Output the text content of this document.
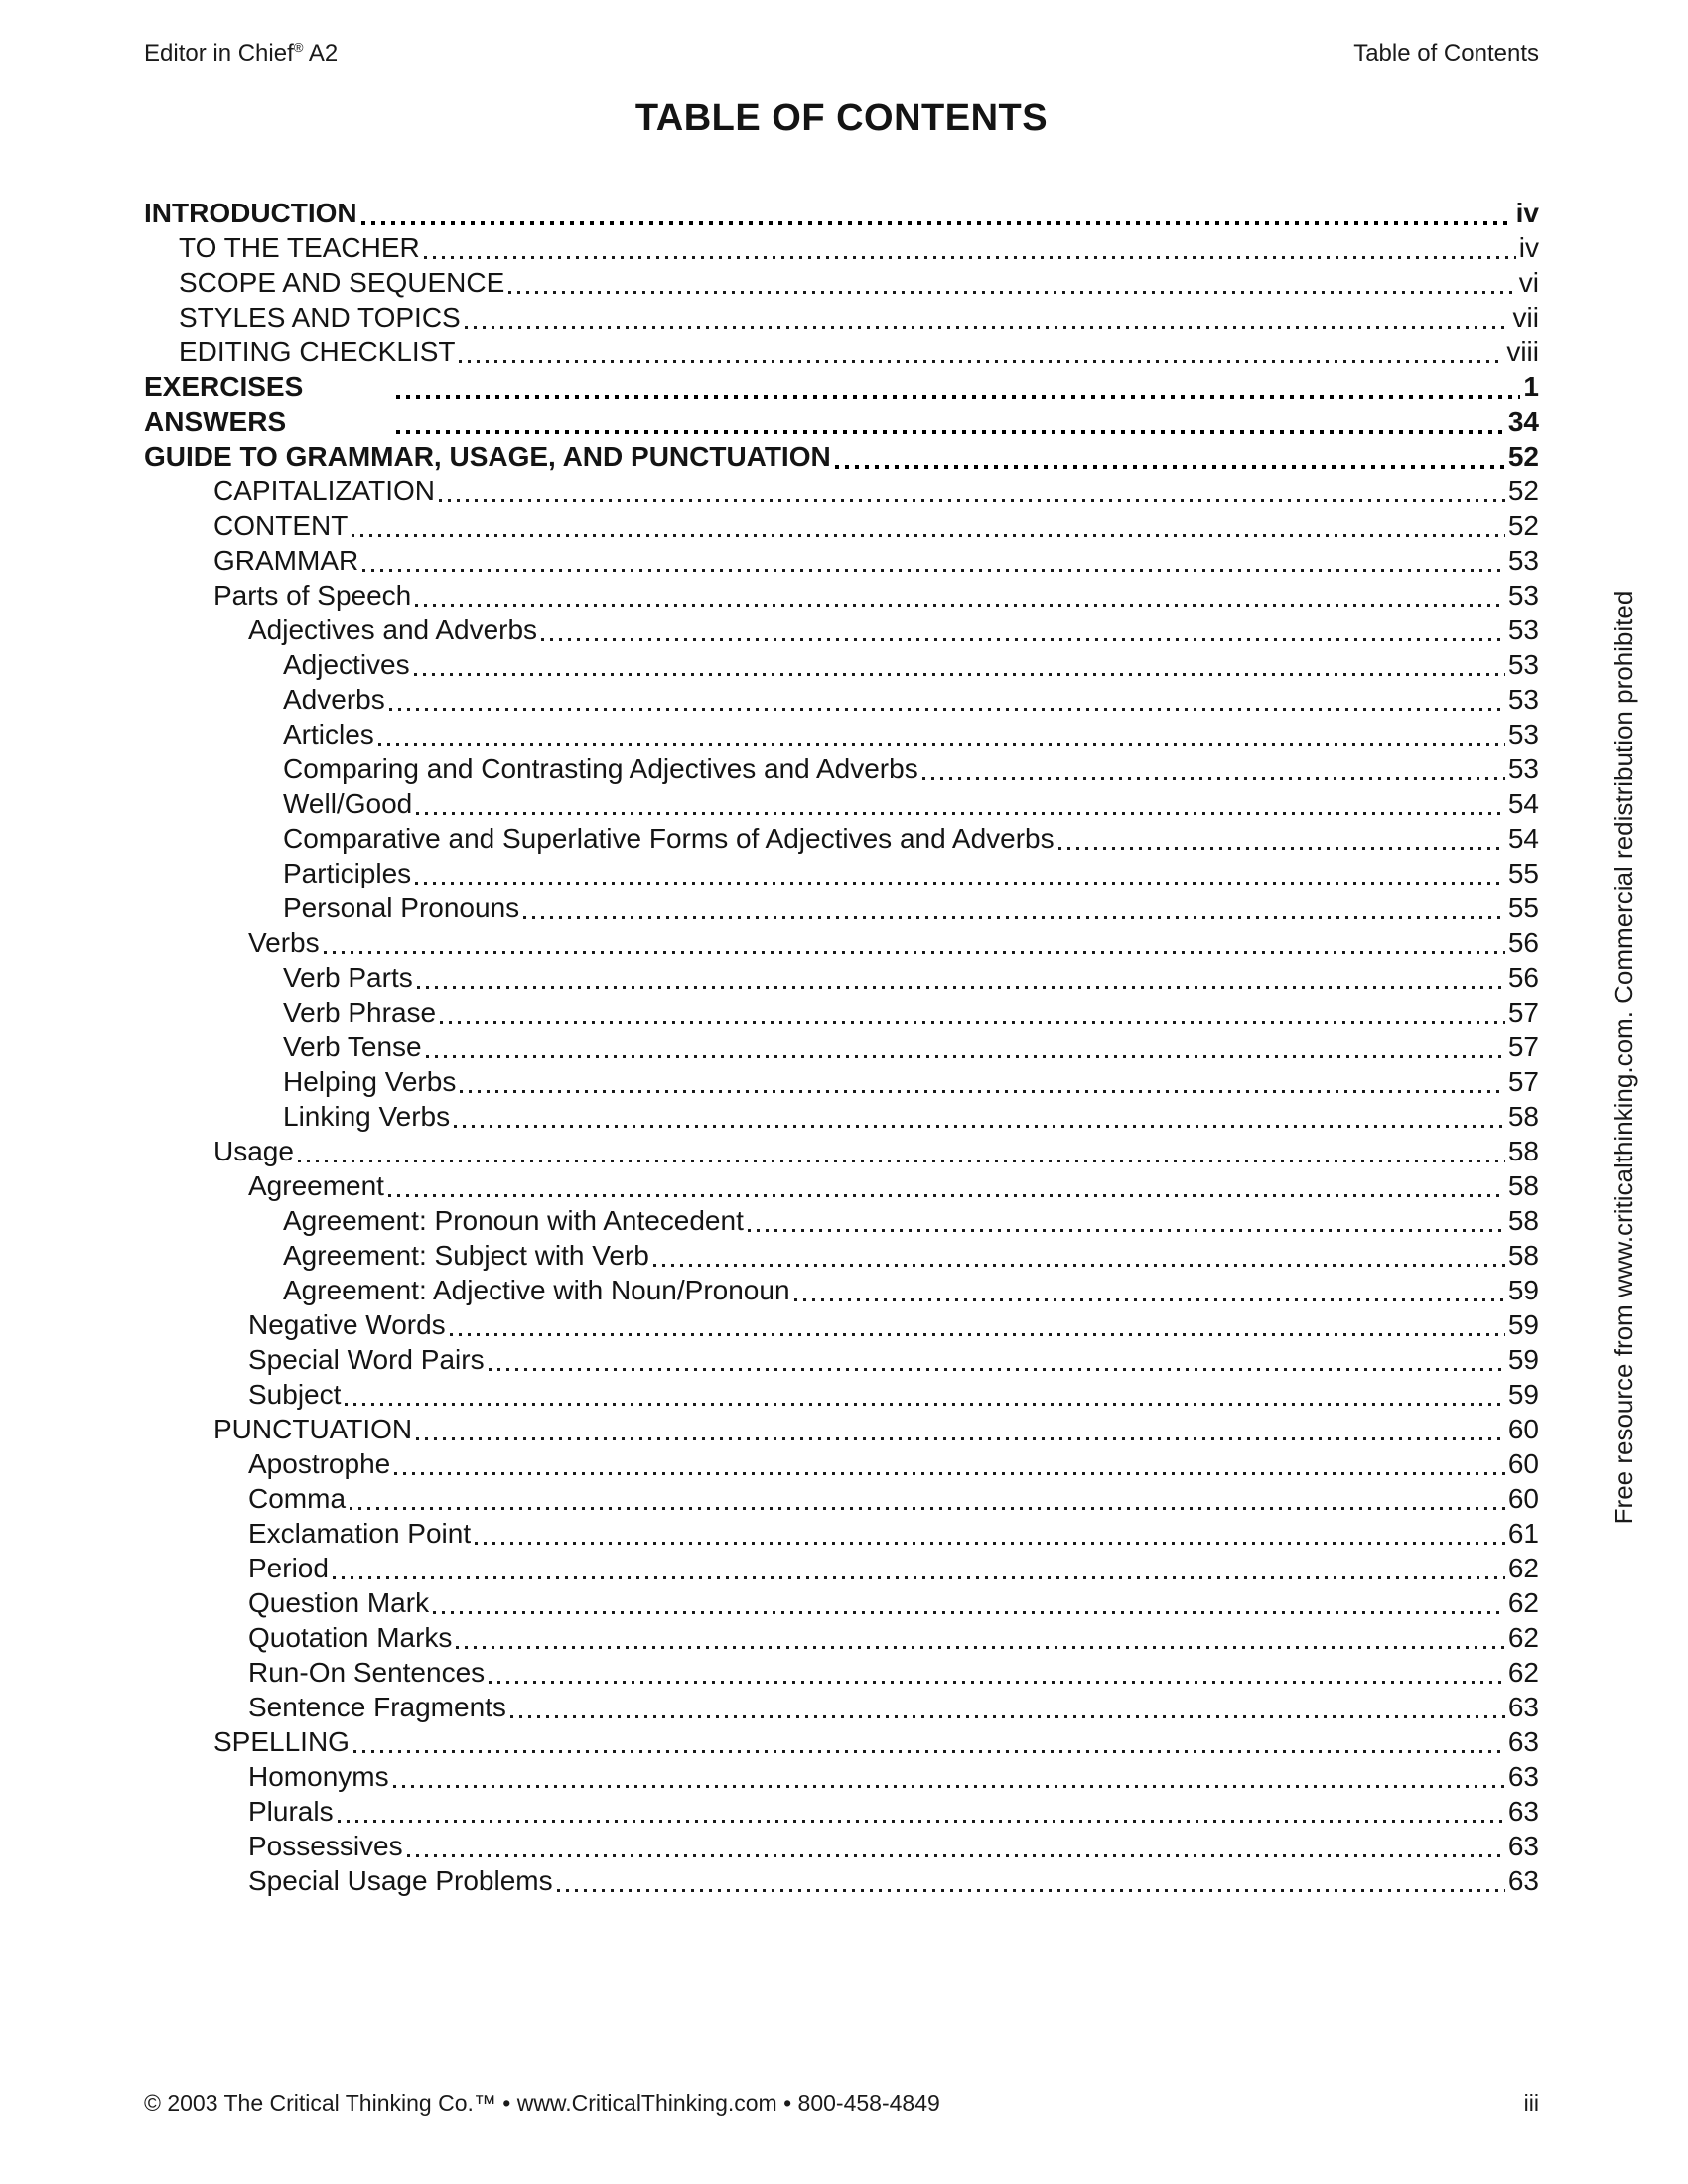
Editor in Chief® A2	Table of Contents
TABLE OF CONTENTS
INTRODUCTION	iv
TO THE TEACHER	iv
SCOPE AND SEQUENCE	vi
STYLES AND TOPICS	vii
EDITING CHECKLIST	viii
EXERCISES	1
ANSWERS	34
GUIDE TO GRAMMAR, USAGE, AND PUNCTUATION	52
CAPITALIZATION	52
CONTENT	52
GRAMMAR	53
Parts of Speech	53
Adjectives and Adverbs	53
Adjectives	53
Adverbs	53
Articles	53
Comparing and Contrasting Adjectives and Adverbs	53
Well/Good	54
Comparative and Superlative Forms of Adjectives and Adverbs	54
Participles	55
Personal Pronouns	55
Verbs	56
Verb Parts	56
Verb Phrase	57
Verb Tense	57
Helping Verbs	57
Linking Verbs	58
Usage	58
Agreement	58
Agreement: Pronoun with Antecedent	58
Agreement: Subject with Verb	58
Agreement: Adjective with Noun/Pronoun	59
Negative Words	59
Special Word Pairs	59
Subject	59
PUNCTUATION	60
Apostrophe	60
Comma	60
Exclamation Point	61
Period	62
Question Mark	62
Quotation Marks	62
Run-On Sentences	62
Sentence Fragments	63
SPELLING	63
Homonyms	63
Plurals	63
Possessives	63
Special Usage Problems	63
Free resource from www.criticalthinking.com. Commercial redistribution prohibited
© 2003 The Critical Thinking Co.™ • www.CriticalThinking.com • 800-458-4849	iii
